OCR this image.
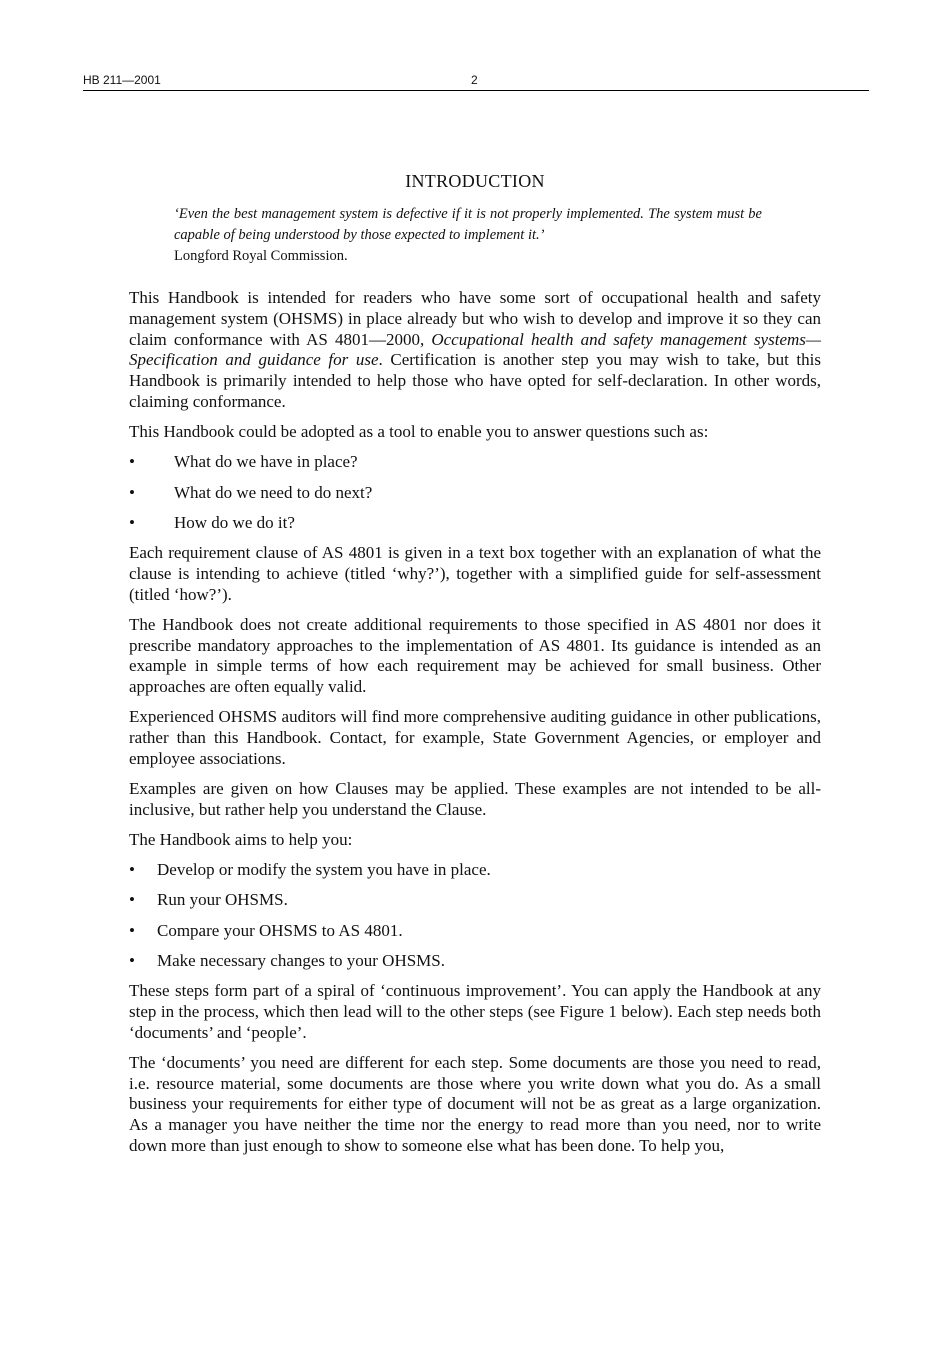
HB 211—2001	2
INTRODUCTION
‘Even the best management system is defective if it is not properly implemented. The system must be capable of being understood by those expected to implement it.’
Longford Royal Commission.

This Handbook is intended for readers who have some sort of occupational health and safety management system (OHSMS) in place already but who wish to develop and improve it so they can claim conformance with AS 4801—2000, Occupational health and safety management systems—Specification and guidance for use. Certification is another step you may wish to take, but this Handbook is primarily intended to help those who have opted for self-declaration. In other words, claiming conformance.

This Handbook could be adopted as a tool to enable you to answer questions such as:

• What do we have in place?
• What do we need to do next?
• How do we do it?

Each requirement clause of AS 4801 is given in a text box together with an explanation of what the clause is intending to achieve (titled ‘why?’), together with a simplified guide for self-assessment (titled ‘how?’).

The Handbook does not create additional requirements to those specified in AS 4801 nor does it prescribe mandatory approaches to the implementation of AS 4801. Its guidance is intended as an example in simple terms of how each requirement may be achieved for small business. Other approaches are often equally valid.

Experienced OHSMS auditors will find more comprehensive auditing guidance in other publications, rather than this Handbook. Contact, for example, State Government Agencies, or employer and employee associations.

Examples are given on how Clauses may be applied. These examples are not intended to be all-inclusive, but rather help you understand the Clause.

The Handbook aims to help you:

• Develop or modify the system you have in place.
• Run your OHSMS.
• Compare your OHSMS to AS 4801.
• Make necessary changes to your OHSMS.

These steps form part of a spiral of ‘continuous improvement’. You can apply the Handbook at any step in the process, which then lead will to the other steps (see Figure 1 below). Each step needs both ‘documents’ and ‘people’.

The ‘documents’ you need are different for each step. Some documents are those you need to read, i.e. resource material, some documents are those where you write down what you do. As a small business your requirements for either type of document will not be as great as a large organization. As a manager you have neither the time nor the energy to read more than you need, nor to write down more than just enough to show to someone else what has been done. To help you,
